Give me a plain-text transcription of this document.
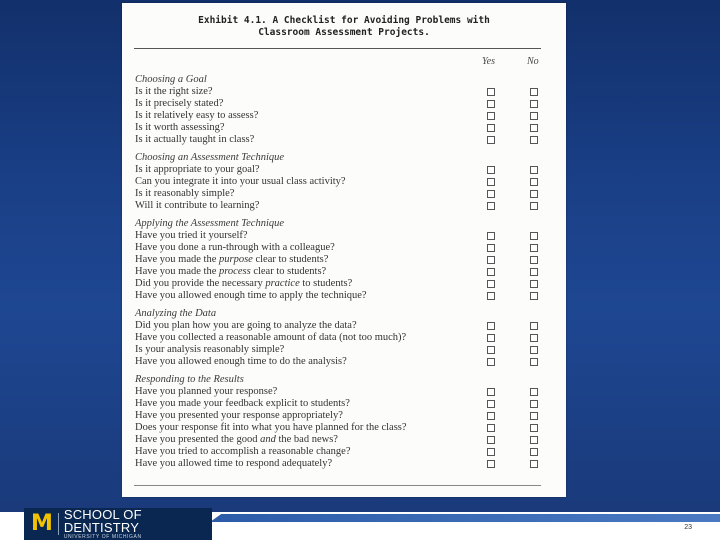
Exhibit 4.1. A Checklist for Avoiding Problems with
Classroom Assessment Projects.
Yes	No
Choosing a Goal
Is it the right size?
Is it precisely stated?
Is it relatively easy to assess?
Is it worth assessing?
Is it actually taught in class?
Choosing an Assessment Technique
Is it appropriate to your goal?
Can you integrate it into your usual class activity?
Is it reasonably simple?
Will it contribute to learning?
Applying the Assessment Technique
Have you tried it yourself?
Have you done a run-through with a colleague?
Have you made the purpose clear to students?
Have you made the process clear to students?
Did you provide the necessary practice to students?
Have you allowed enough time to apply the technique?
Analyzing the Data
Did you plan how you are going to analyze the data?
Have you collected a reasonable amount of data (not too much)?
Is your analysis reasonably simple?
Have you allowed enough time to do the analysis?
Responding to the Results
Have you planned your response?
Have you made your feedback explicit to students?
Have you presented your response appropriately?
Does your response fit into what you have planned for the class?
Have you presented the good and the bad news?
Have you tried to accomplish a reasonable change?
Have you allowed time to respond adequately?
M SCHOOL OF DENTISTRY
UNIVERSITY OF MICHIGAN
23
